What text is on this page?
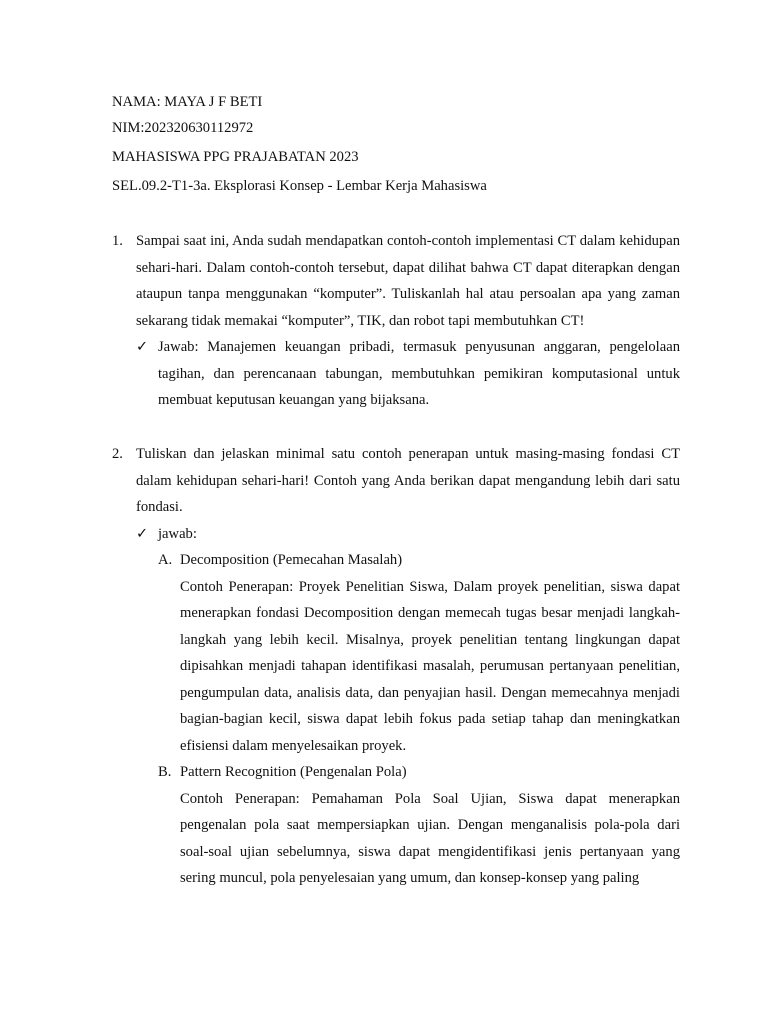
NAMA: MAYA J F BETI
NIM:202320630112972
MAHASISWA PPG PRAJABATAN 2023
SEL.09.2-T1-3a. Eksplorasi Konsep - Lembar Kerja Mahasiswa
1. Sampai saat ini, Anda sudah mendapatkan contoh-contoh implementasi CT dalam kehidupan sehari-hari. Dalam contoh-contoh tersebut, dapat dilihat bahwa CT dapat diterapkan dengan ataupun tanpa menggunakan “komputer”. Tuliskanlah hal atau persoalan apa yang zaman sekarang tidak memakai “komputer”, TIK, dan robot tapi membutuhkan CT!
✓ Jawab: Manajemen keuangan pribadi, termasuk penyusunan anggaran, pengelolaan tagihan, dan perencanaan tabungan, membutuhkan pemikiran komputasional untuk membuat keputusan keuangan yang bijaksana.
2. Tuliskan dan jelaskan minimal satu contoh penerapan untuk masing-masing fondasi CT dalam kehidupan sehari-hari! Contoh yang Anda berikan dapat mengandung lebih dari satu fondasi.
✓ jawab:
A. Decomposition (Pemecahan Masalah)
Contoh Penerapan: Proyek Penelitian Siswa, Dalam proyek penelitian, siswa dapat menerapkan fondasi Decomposition dengan memecah tugas besar menjadi langkah-langkah yang lebih kecil. Misalnya, proyek penelitian tentang lingkungan dapat dipisahkan menjadi tahapan identifikasi masalah, perumusan pertanyaan penelitian, pengumpulan data, analisis data, dan penyajian hasil. Dengan memecahnya menjadi bagian-bagian kecil, siswa dapat lebih fokus pada setiap tahap dan meningkatkan efisiensi dalam menyelesaikan proyek.
B. Pattern Recognition (Pengenalan Pola)
Contoh Penerapan: Pemahaman Pola Soal Ujian, Siswa dapat menerapkan pengenalan pola saat mempersiapkan ujian. Dengan menganalisis pola-pola dari soal-soal ujian sebelumnya, siswa dapat mengidentifikasi jenis pertanyaan yang sering muncul, pola penyelesaian yang umum, dan konsep-konsep yang paling
